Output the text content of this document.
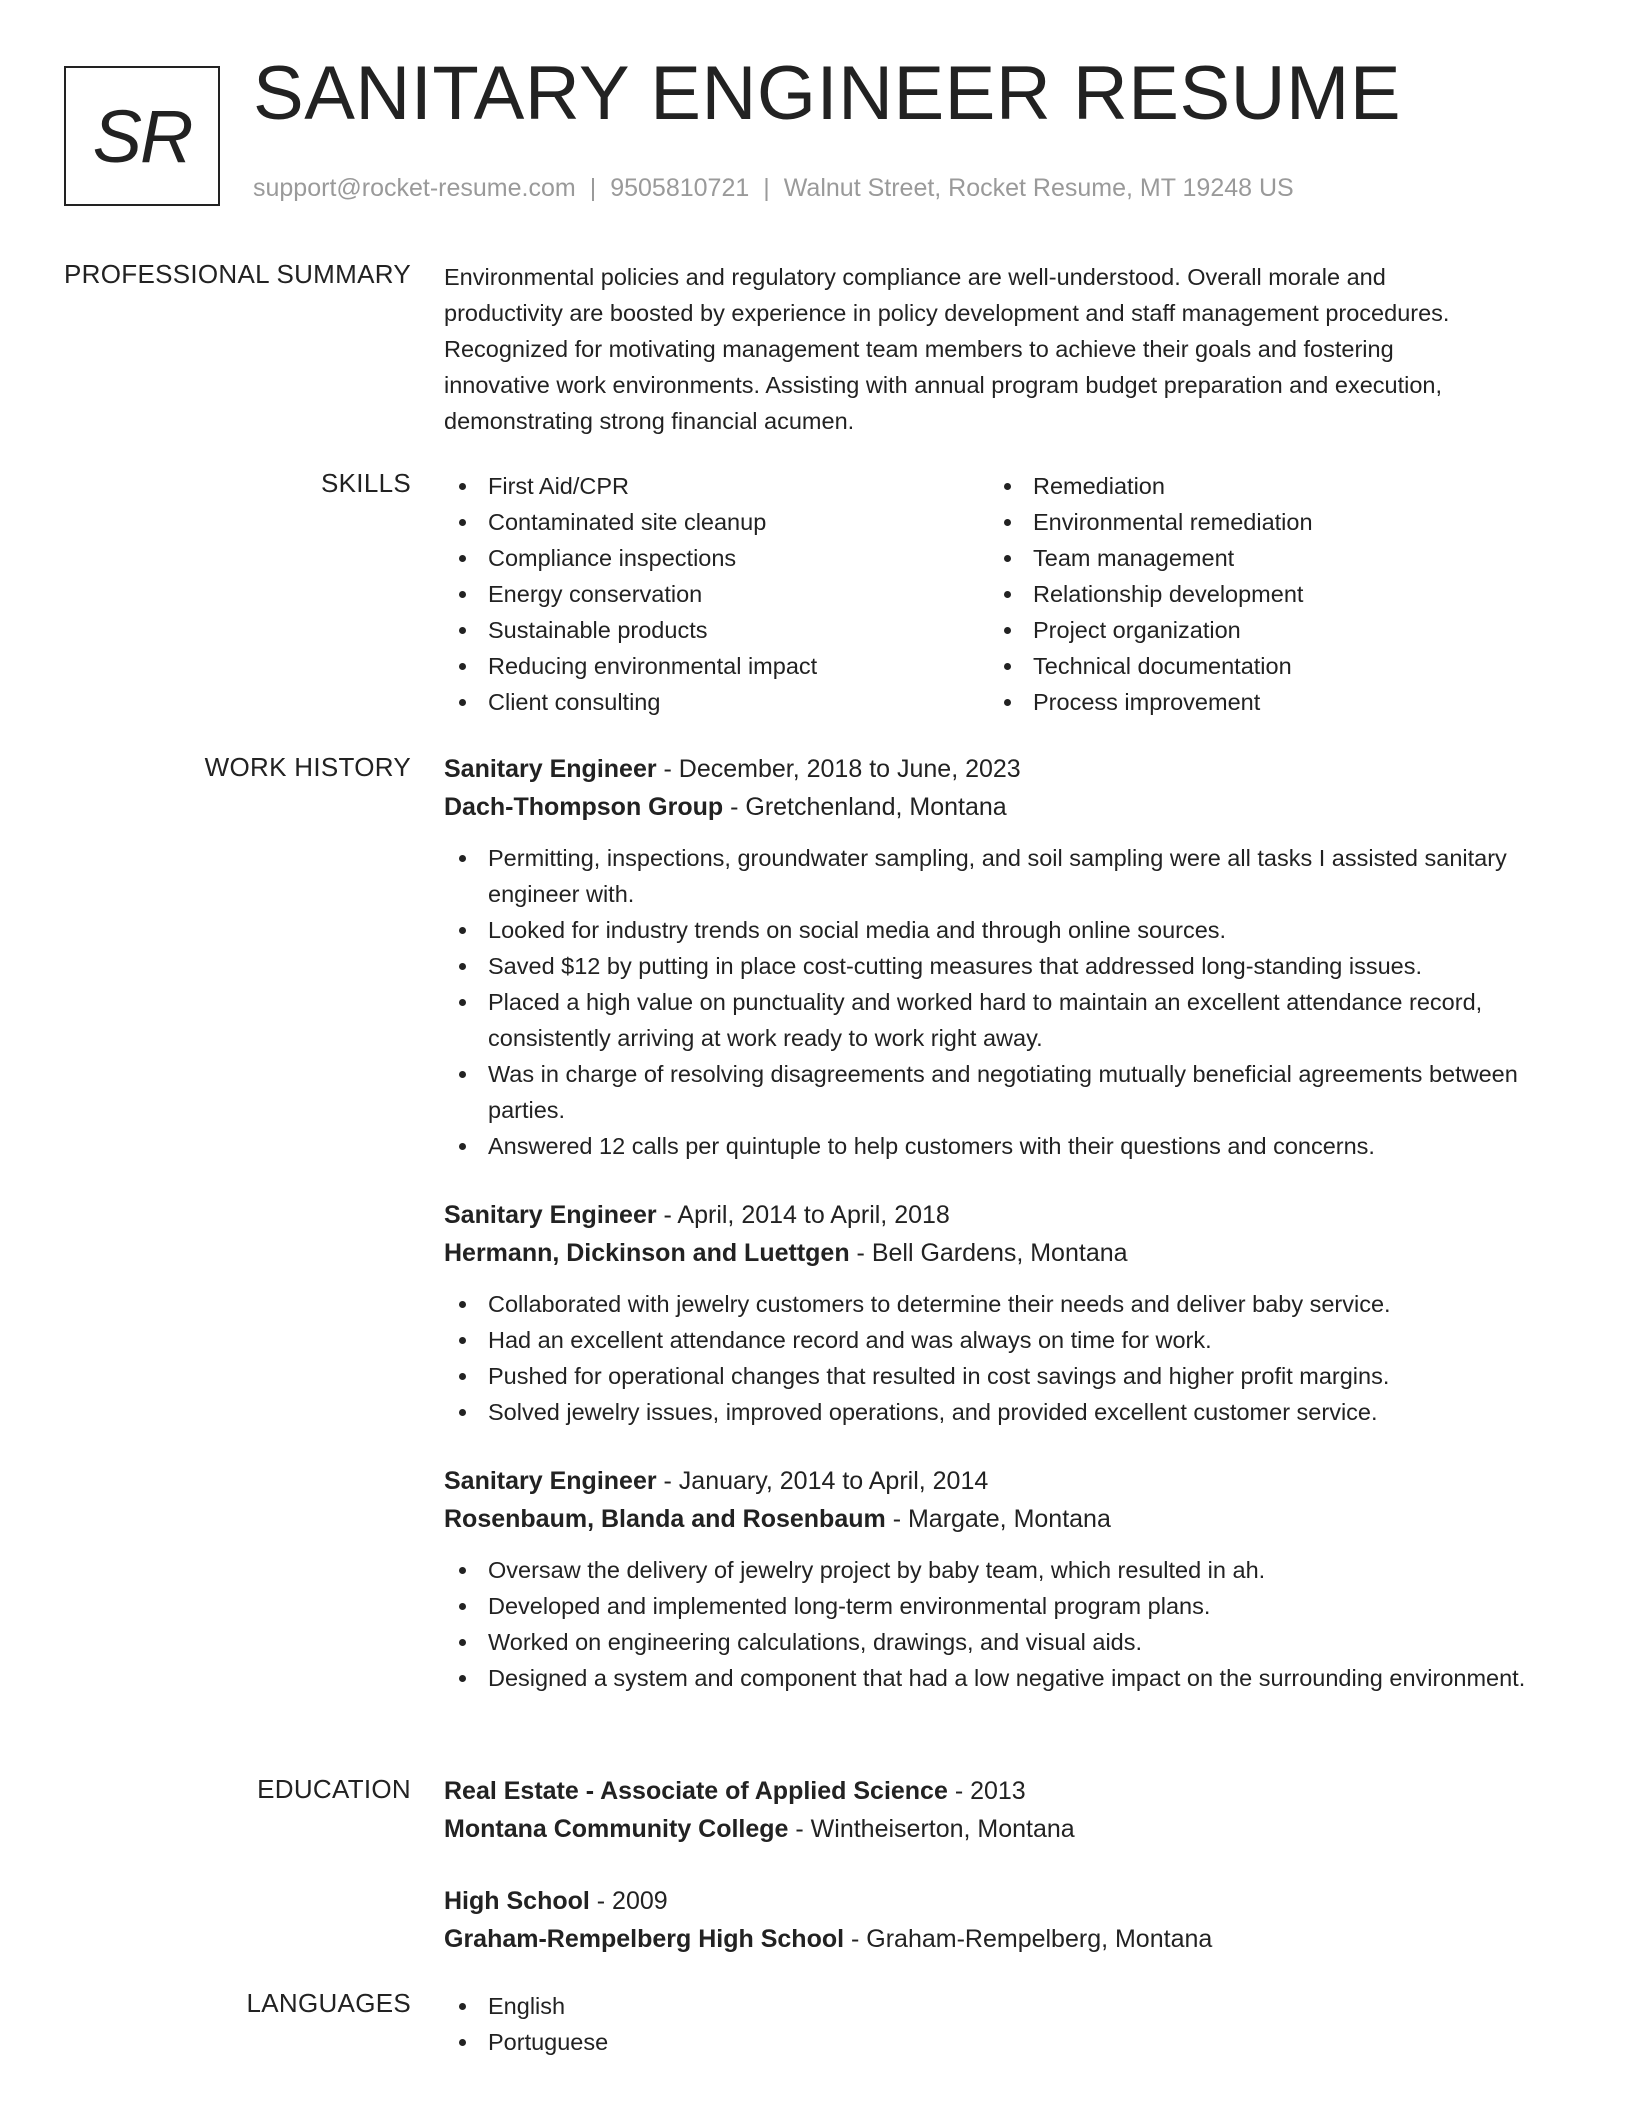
SR SANITARY ENGINEER RESUME
support@rocket-resume.com | 9505810721 | Walnut Street, Rocket Resume, MT 19248 US
PROFESSIONAL SUMMARY Environmental policies and regulatory compliance are well-understood. Overall morale and
productivity are boosted by experience in policy development and staff management procedures.
Recognized for motivating management team members to achieve their goals and fostering
innovative work environments. Assisting with annual program budget preparation and execution,
demonstrating strong financial acumen.
SKILLS	First Aid/CPR
Contaminated site cleanup
Compliance inspections
Energy conservation
Sustainable products
Reducing environmental impact
Client consulting
Remediation
Environmental remediation
Team management
Relationship development
Project organization
Technical documentation
Process improvement
WORK HISTORY Sanitary Engineer - December, 2018 to June, 2023
Dach-Thompson Group - Gretchenland, Montana
Permitting, inspections, groundwater sampling, and soil sampling were all tasks I assisted sanitary engineer with.
Looked for industry trends on social media and through online sources.
Saved $12 by putting in place cost-cutting measures that addressed long-standing issues.
Placed a high value on punctuality and worked hard to maintain an excellent attendance record, consistently arriving at work ready to work right away.
Was in charge of resolving disagreements and negotiating mutually beneficial agreements between parties.
Answered 12 calls per quintuple to help customers with their questions and concerns.
Sanitary Engineer - April, 2014 to April, 2018
Hermann, Dickinson and Luettgen - Bell Gardens, Montana
Collaborated with jewelry customers to determine their needs and deliver baby service.
Had an excellent attendance record and was always on time for work.
Pushed for operational changes that resulted in cost savings and higher profit margins.
Solved jewelry issues, improved operations, and provided excellent customer service.
Sanitary Engineer - January, 2014 to April, 2014
Rosenbaum, Blanda and Rosenbaum - Margate, Montana
Oversaw the delivery of jewelry project by baby team, which resulted in ah.
Developed and implemented long-term environmental program plans.
Worked on engineering calculations, drawings, and visual aids.
Designed a system and component that had a low negative impact on the surrounding environment.
EDUCATION Real Estate - Associate of Applied Science - 2013
Montana Community College - Wintheiserton, Montana
High School - 2009
Graham-Rempelberg High School - Graham-Rempelberg, Montana
LANGUAGES	English
Portuguese
